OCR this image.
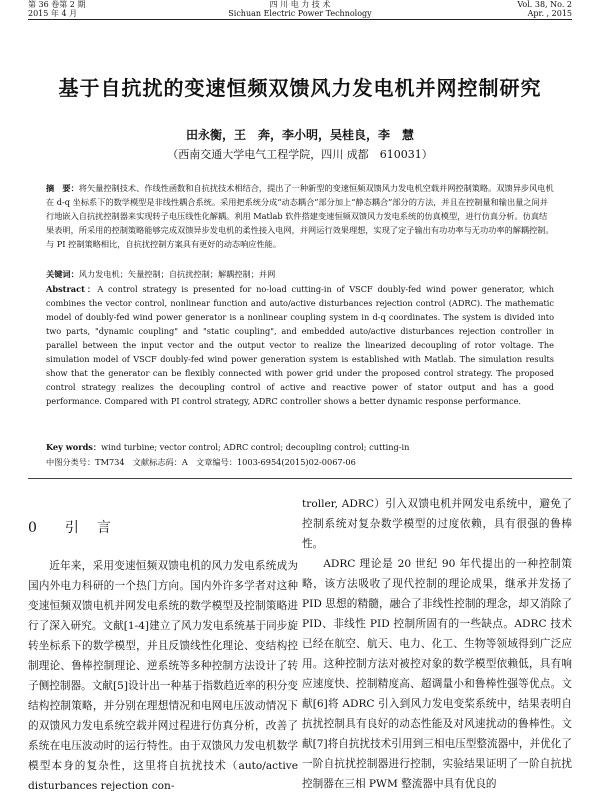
第 36 卷第 2 期
2015 年 4 月
四 川 电 力 技 术
Sichuan Electric Power Technology
Vol. 38, No. 2
Apr. , 2015
基于自抗扰的变速恒频双馈风力发电机并网控制研究
田永衡，王　奔，李小明，吴桂良，李　慧
（西南交通大学电气工程学院，四川 成都　610031）
摘　要：将矢量控制技术、作线性函数和自抗扰技术相结合，提出了一种新型的变速恒频双馈风力发电机空载并网控制策略。双馈异步风电机在 d-q 坐标系下的数学模型是非线性耦合系统。采用把系统分成“动态耦合”部分加上“静态耦合”部分的方法，并且在控制量和输出量之间并行地嵌入自抗扰控制器来实现转子电压线性化解耦。利用 Matlab 软件搭建变速恒频双馈风力发电系统的仿真模型，进行仿真分析。仿真结果表明，所采用的控制策略能够完成双馈异步发电机的柔性接入电网，并网运行效果理想，实现了定子输出有功功率与无功功率的解耦控制。与 PI 控制策略相比，自抗扰控制方案具有更好的动态响应性能。
关键词：风力发电机；矢量控制；自抗扰控制；解耦控制；并网
Abstract：A control strategy is presented for no-load cutting-in of VSCF doubly-fed wind power generator, which combines the vector control, nonlinear function and auto/active disturbances rejection control (ADRC). The mathematic model of doubly-fed wind power generator is a nonlinear coupling system in d-q coordinates. The system is divided into two parts, "dynamic coupling" and "static coupling", and embedded auto/active disturbances rejection controller in parallel between the input vector and the output vector to realize the linearized decoupling of rotor voltage. The simulation model of VSCF doubly-fed wind power generation system is established with Matlab. The simulation results show that the generator can be flexibly connected with power grid under the proposed control strategy. The proposed control strategy realizes the decoupling control of active and reactive power of stator output and has a good performance. Compared with PI control strategy, ADRC controller shows a better dynamic response performance.
Key words：wind turbine; vector control; ADRC control; decoupling control; cutting-in
中图分类号：TM734　文献标志码：A　文章编号：1003-6954(2015)02-0067-06
0 引　言

近年来，采用变速恒频双馈电机的风力发电系统成为国内外电力科研的一个热门方向。国内外许多学者对这种变速恒频双馈电机并网发电系统的数学模型及控制策略进行了深入研究。文献[1-4]建立了风力发电系统基于同步旋转坐标系下的数学模型，并且反馈线性化理论、变结构控制理论、鲁棒控制理论、逆系统等多种控制方法设计了转子侧控制器。文献[5]设计出一种基于指数趋近率的积分变结构控制策略，并分别在理想情况和电网电压波动情况下的双馈风力发电系统空载并网过程进行仿真分析，改善了系统在电压波动时的运行特性。由于双馈风力发电机数学模型本身的复杂性，这里将自抗扰技术（auto/active disturbances rejection con-

troller, ADRC）引入双馈电机并网发电系统中，避免了控制系统对复杂数学模型的过度依赖，具有很强的鲁棒性。

ADRC 理论是 20 世纪 90 年代提出的一种控制策略，该方法吸收了现代控制的理论成果，继承并发扬了 PID 思想的精髓，融合了非线性控制的理念，却又消除了 PID、非线性 PID 控制所固有的一些缺点。ADRC 技术已经在航空、航天、电力、化工、生物等领域得到广泛应用。这种控制方法对被控对象的数学模型依赖低，具有响应速度快、控制精度高、超调量小和鲁棒性强等优点。文献[6]将 ADRC 引入到风力发电变桨系统中，结果表明自抗扰控制具有良好的动态性能及对风速扰动的鲁棒性。文献[7]将自抗扰技术引用到三相电压型整流器中，并优化了一阶自抗扰控制器进行控制，实验结果证明了一阶自抗扰控制器在三相 PWM 整流器中具有优良的
